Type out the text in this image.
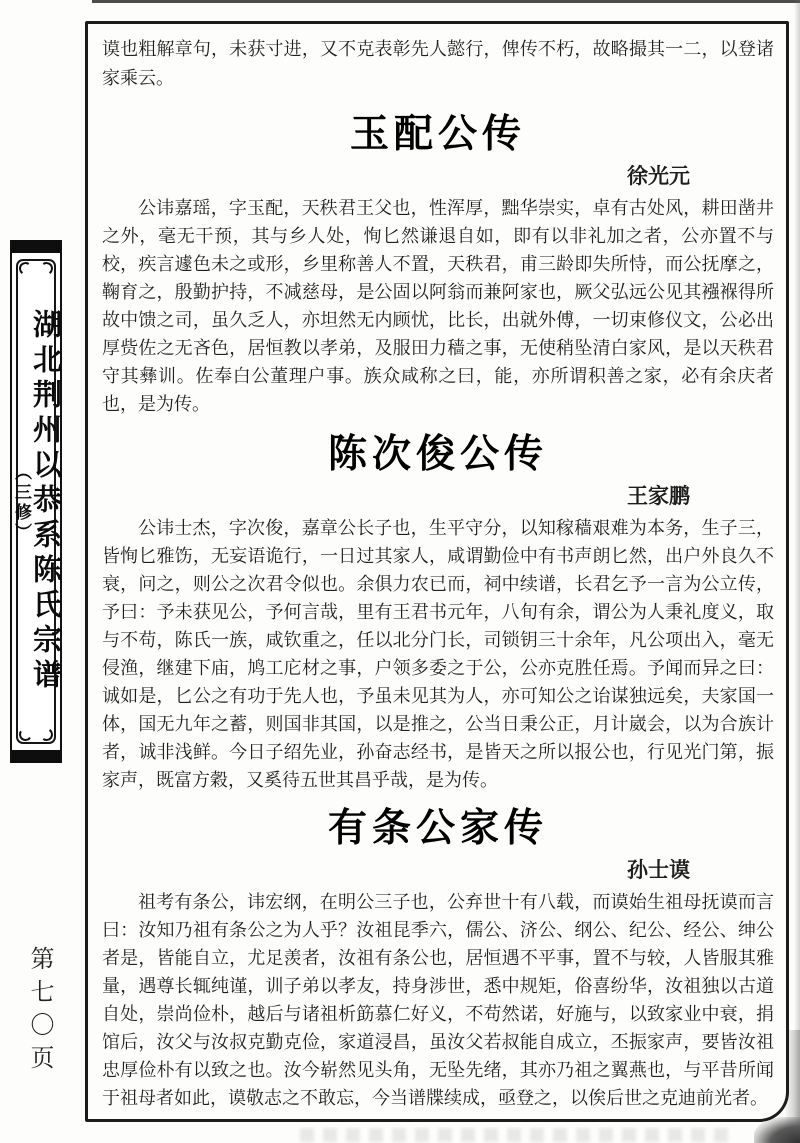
湖北荆州以恭系陈氏宗谱
（三修）
第七〇页

谟也粗解章句，未获寸进，又不克表彰先人懿行，俾传不朽，故略撮其一二，以登诸家乘云。

玉配公传
徐光元

公讳嘉瑶，字玉配，天秩君王父也，性浑厚，黜华崇实，卓有古处风，耕田凿井之外，毫无干预，其与乡人处，恂匕然谦退自如，即有以非礼加之者，公亦置不与校，疾言遽色未之或形，乡里称善人不置，天秩君，甫三龄即失所恃，而公抚摩之，鞠育之，殷勤护持，不减慈母，是公固以阿翁而兼阿家也，厥父弘远公见其襁褓得所故中馈之司，虽久乏人，亦坦然无内顾忧，比长，出就外傅，一切束修仪文，公必出厚赀佐之无吝色，居恒教以孝弟，及服田力穑之事，无使稍坠清白家风，是以天秩君守其彝训。佐奉白公董理户事。族众咸称之曰，能，亦所谓积善之家，必有余庆者也，是为传。

陈次俊公传
王家鹏

公讳士杰，字次俊，嘉章公长子也，生平守分，以知稼穑艰难为本务，生子三，皆恂匕雅饬，无妄语诡行，一日过其家人，咸谓勤俭中有书声朗匕然，出户外良久不衰，问之，则公之次君令似也。余俱力农已而，祠中续谱，长君乞予一言为公立传，予曰：予未获见公，予何言哉，里有王君书元年，八旬有余，谓公为人秉礼度义，取与不苟，陈氏一族，咸钦重之，任以北分门长，司锁钥三十余年，凡公项出入，毫无侵渔，继建下庙，鸠工庀材之事，户领多委之于公，公亦克胜任焉。予闻而异之曰：诚如是，匕公之有功于先人也，予虽未见其为人，亦可知公之诒谋独远矣，夫家国一体，国无九年之蓄，则国非其国，以是推之，公当日秉公正，月计崴会，以为合族计者，诚非浅鲜。今日子绍先业，孙奋志经书，是皆天之所以报公也，行见光门第，振家声，既富方穀，又奚待五世其昌乎哉，是为传。

有条公家传
孙士谟

祖考有条公，讳宏纲，在明公三子也，公弃世十有八载，而谟始生祖母抚谟而言曰：汝知乃祖有条公之为人乎？汝祖昆季六，儒公、济公、纲公、纪公、经公、绅公者是，皆能自立，尤足羡者，汝祖有条公也，居恒遇不平事，置不与较，人皆服其雅量，遇尊长辄纯谨，训子弟以孝友，持身涉世，悉中规矩，俗喜纷华，汝祖独以古道自处，崇尚俭朴，越后与诸祖析筯慕仁好义，不苟然诺，好施与，以致家业中衰，捐馆后，汝父与汝叔克勤克俭，家道浸昌，虽汝父若叔能自成立，丕振家声，要皆汝祖忠厚俭朴有以致之也。汝今崭然见头角，无坠先绪，其亦乃祖之翼燕也，与平昔所闻于祖母者如此，谟敬志之不敢忘，今当谱牒续成，亟登之，以俟后世之克迪前光者。
